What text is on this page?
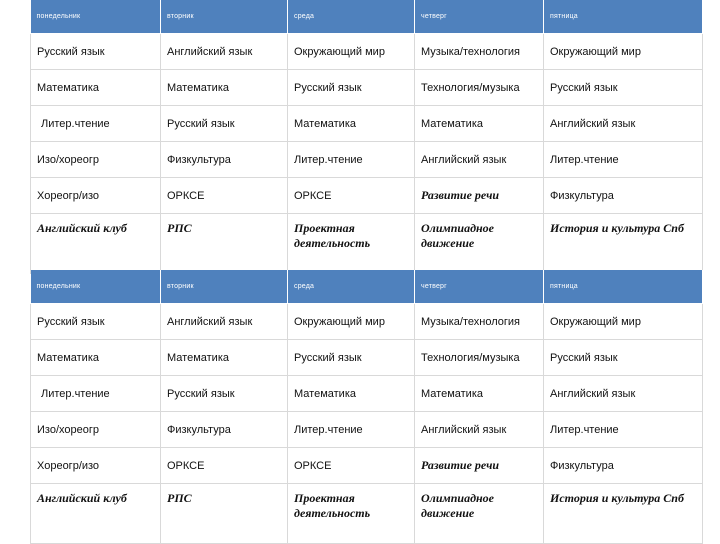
понедельник	вторник	среда	четверг	пятница
Русский язык	Английский язык	Окружающий мир	Музыка/технология	Окружающий мир
Математика	Математика	Русский язык	Технология/музыка	Русский язык
Литер.чтение	Русский язык	Математика	Математика	Английский язык
Изо/хореогр	Физкультура	Литер.чтение	Английский язык	Литер.чтение
Хореогр/изо	ОРКСЕ	ОРКСЕ	Развитие речи	Физкультура
Английский клуб	РПС	Проектная деятельность	Олимпиадное движение	История и культура Спб
понедельник	вторник	среда	четверг	пятница
Русский язык	Английский язык	Окружающий мир	Музыка/технология	Окружающий мир
Математика	Математика	Русский язык	Технология/музыка	Русский язык
Литер.чтение	Русский язык	Математика	Математика	Английский язык
Изо/хореогр	Физкультура	Литер.чтение	Английский язык	Литер.чтение
Хореогр/изо	ОРКСЕ	ОРКСЕ	Развитие речи	Физкультура
Английский клуб	РПС	Проектная деятельность	Олимпиадное движение	История и культура Спб
